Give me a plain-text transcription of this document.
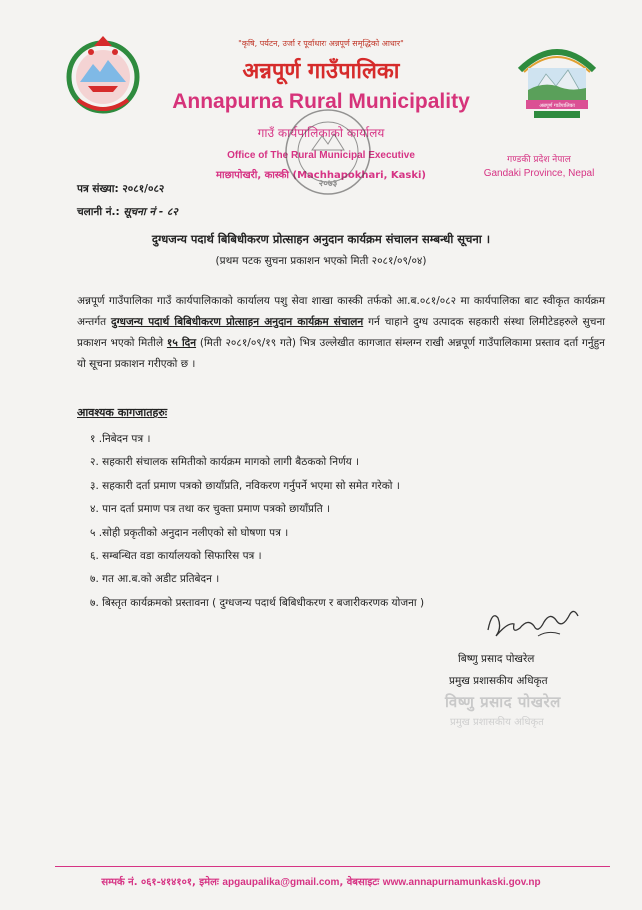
अन्नपूर्ण गाउँपालिका
"कृषि, पर्यटन, उर्जा र पूर्वाधारः अन्नपूर्ण समृद्धिको आधार"
अन्नपूर्ण गाउँपालिका
Annapurna Rural Municipality
गाउँ कार्यपालिकाको कार्यालय
Office of The Rural Municipal Executive
माछापोखरी, कास्की (Machhapokhari, Kaski)
गण्डकी प्रदेश नेपाल
Gandaki Province, Nepal
२०७३
पत्र संख्या: २०८१/०८२
चलानी नं.: सूचना नं - ८२
दुग्धजन्य पदार्थ बिबिधीकरण प्रोत्साहन अनुदान कार्यक्रम संचालन सम्बन्धी सूचना ।
(प्रथम पटक सुचना प्रकाशन भएको मिती २०८१/०९/०४)
अन्नपूर्ण गाउँपालिका गाउँ कार्यपालिकाको कार्यालय पशु सेवा शाखा कास्की तर्फको आ.ब.०८१/०८२ मा कार्यपालिका बाट स्वीकृत कार्यक्रम अन्तर्गत दुग्धजन्य पदार्थ बिबिधीकरण प्रोत्साहन अनुदान कार्यक्रम संचालन गर्न चाहाने दुग्ध उत्पादक सहकारी संस्था लिमीटेडहरुले सुचना प्रकाशन भएको मितीले १५ दिन (मिती २०८१/०९/१९ गते) भित्र उल्लेखीत कागजात संम्लग्न राखी अन्नपूर्ण गाउँपालिकामा प्रस्ताव दर्ता गर्नुहुन यो सूचना प्रकाशन गरीएको छ ।
आवश्यक कागजातहरुः
१ .निबेदन पत्र ।
२. सहकारी संचालक समितीको कार्यक्रम मागको लागी बैठकको निर्णय ।
३. सहकारी दर्ता प्रमाण पत्रको छायाँप्रति, नविकरण गर्नुपर्ने भएमा सो समेत गरेको ।
४. पान दर्ता प्रमाण पत्र तथा कर चुक्ता प्रमाण पत्रको छायाँप्रति ।
५ .सोही प्रकृतीको अनुदान नलीएको सो घोषणा पत्र ।
६. सम्बन्धित वडा कार्यालयको सिफारिस पत्र ।
७. गत आ.ब.को अडीट प्रतिबेदन ।
७. बिस्तृत कार्यक्रमको प्रस्तावना ( दुग्धजन्य पदार्थ बिबिधीकरण र बजारीकरणक योजना )
बिष्णु प्रसाद पोखरेल
प्रमुख प्रशासकीय अधिकृत
विष्णु प्रसाद पोखरेल
प्रमुख प्रशासकीय अधिकृत
सम्पर्क नं. ०६१-४१४१०१, इमेलः apgaupalika@gmail.com, वेबसाइटः www.annapurnamunkaski.gov.np
